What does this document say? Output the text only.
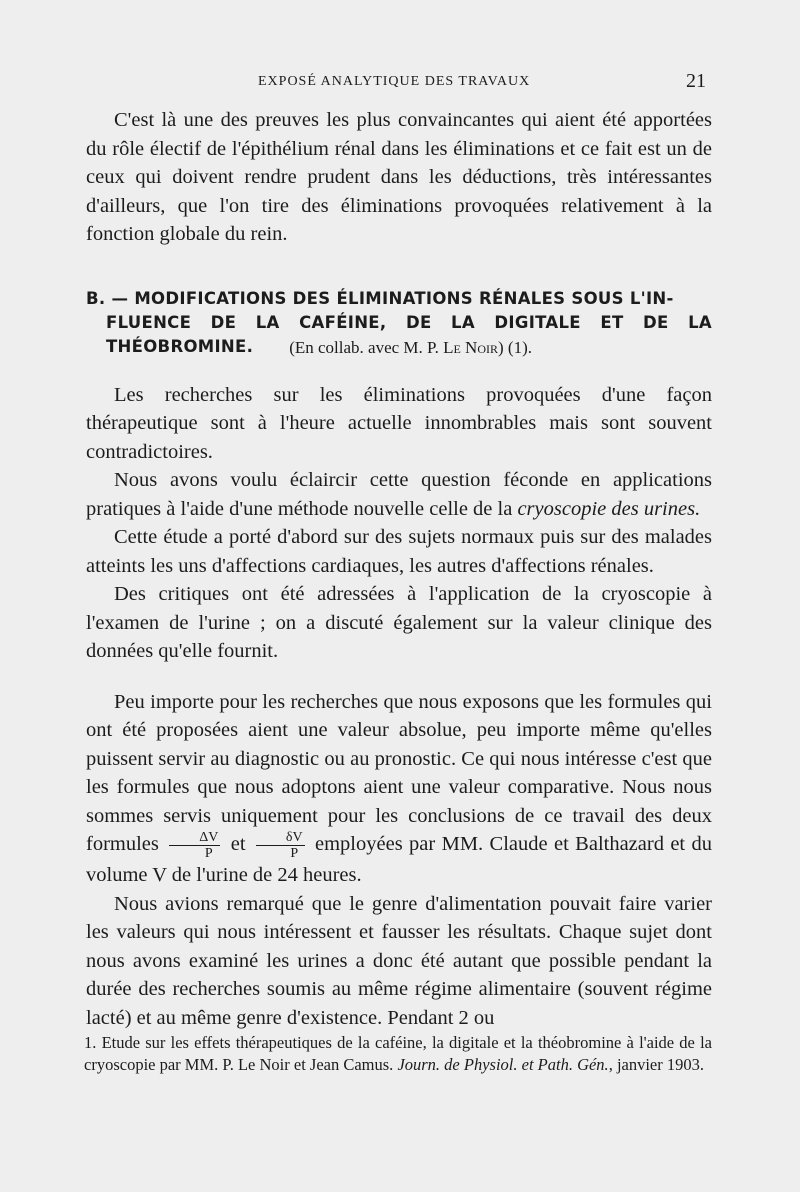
EXPOSÉ ANALYTIQUE DES TRAVAUX	21

C'est là une des preuves les plus convaincantes qui aient été apportées du rôle électif de l'épithélium rénal dans les éliminations et ce fait est un de ceux qui doivent rendre prudent dans les déductions, très intéressantes d'ailleurs, que l'on tire des éliminations provoquées relativement à la fonction globale du rein.

B. — MODIFICATIONS DES ÉLIMINATIONS RÉNALES SOUS L'IN-
FLUENCE DE LA CAFÉINE, DE LA DIGITALE ET DE LA THÉOBROMINE.	(En collab. avec M. P. Le Noir) (1).

Les recherches sur les éliminations provoquées d'une façon thérapeutique sont à l'heure actuelle innombrables mais sont souvent contradictoires.

Nous avons voulu éclaircir cette question féconde en applications pratiques à l'aide d'une méthode nouvelle celle de la cryoscopie des urines.

Cette étude a porté d'abord sur des sujets normaux puis sur des malades atteints les uns d'affections cardiaques, les autres d'affections rénales.

Des critiques ont été adressées à l'application de la cryoscopie à l'examen de l'urine ; on a discuté également sur la valeur clinique des données qu'elle fournit.

Peu importe pour les recherches que nous exposons que les formules qui ont été proposées aient une valeur absolue, peu importe même qu'elles puissent servir au diagnostic ou au pronostic. Ce qui nous intéresse c'est que les formules que nous adoptons aient une valeur comparative. Nous nous sommes servis uniquement pour les conclusions de ce travail des deux formules $\frac{\Delta V}{P}$ et $\frac{\delta V}{P}$ employées par MM. Claude et Balthazard et du volume V de l'urine de 24 heures.

Nous avions remarqué que le genre d'alimentation pouvait faire varier les valeurs qui nous intéressent et fausser les résultats. Chaque sujet dont nous avons examiné les urines a donc été autant que possible pendant la durée des recherches soumis au même régime alimentaire (souvent régime lacté) et au même genre d'existence. Pendant 2 ou

1. Etude sur les effets thérapeutiques de la caféine, la digitale et la théobromine à l'aide de la cryoscopie par MM. P. Le Noir et Jean Camus. Journ. de Physiol. et Path. Gén., janvier 1903.
